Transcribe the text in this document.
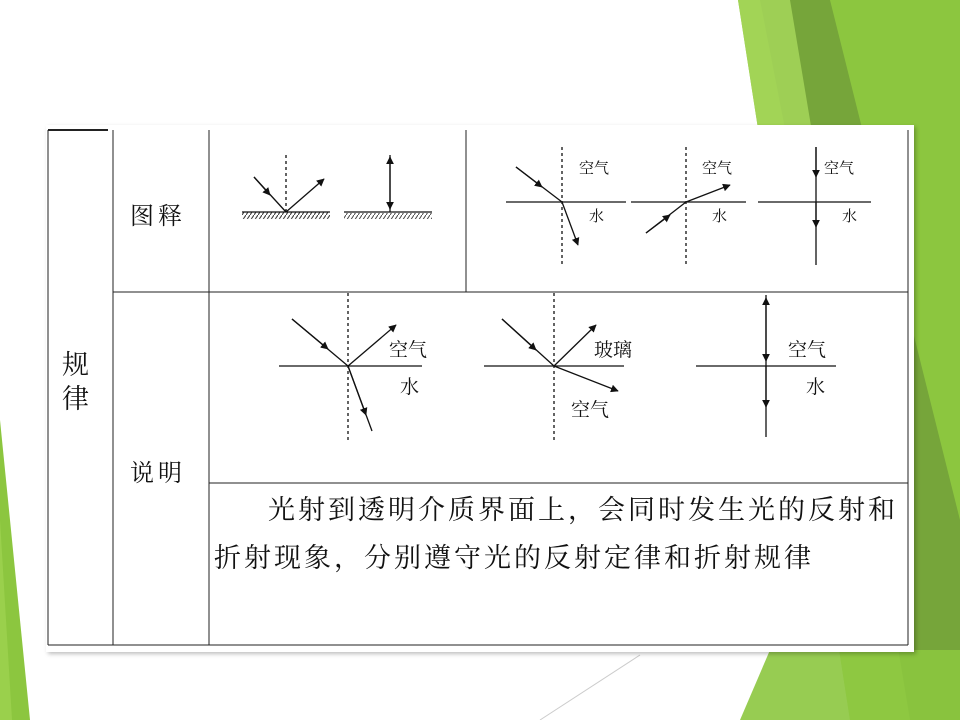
空气
水
空气
水
空气
水
空气
水
玻璃
空气
空气
水
规
律
图释
说明
光射到透明介质界面上，会同时发生光的反射和折射现象，分别遵守光的反射定律和折射规律
